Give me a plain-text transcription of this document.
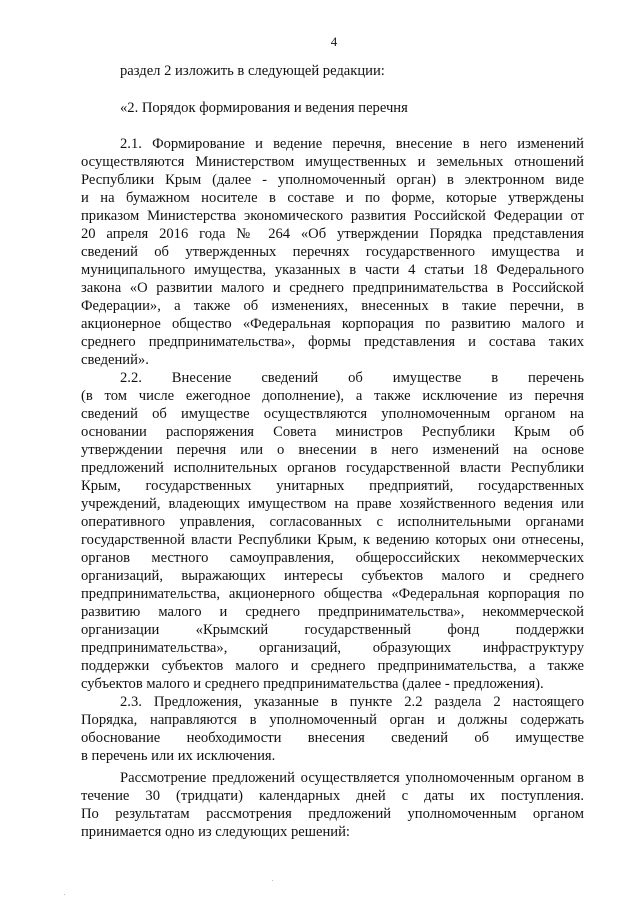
4
раздел 2 изложить в следующей редакции:
«2. Порядок формирования и ведения перечня
2.1. Формирование и ведение перечня, внесение в него изменений
осуществляются Министерством имущественных и земельных отношений
Республики Крым (далее - уполномоченный орган) в электронном виде
и на бумажном носителе в составе и по форме, которые утверждены
приказом Министерства экономического развития Российской Федерации от
20 апреля 2016 года № 264 «Об утверждении Порядка представления
сведений об утвержденных перечнях государственного имущества и
муниципального имущества, указанных в части 4 статьи 18 Федерального
закона «О развитии малого и среднего предпринимательства в Российской
Федерации», а также об изменениях, внесенных в такие перечни, в
акционерное общество «Федеральная корпорация по развитию малого и
среднего предпринимательства», формы представления и состава таких
сведений».
2.2. Внесение сведений об имуществе в перечень
(в том числе ежегодное дополнение), а также исключение из перечня
сведений об имуществе осуществляются уполномоченным органом на
основании распоряжения Совета министров Республики Крым об
утверждении перечня или о внесении в него изменений на основе
предложений исполнительных органов государственной власти Республики
Крым, государственных унитарных предприятий, государственных
учреждений, владеющих имуществом на праве хозяйственного ведения или
оперативного управления, согласованных с исполнительными органами
государственной власти Республики Крым, к ведению которых они отнесены,
органов местного самоуправления, общероссийских некоммерческих
организаций, выражающих интересы субъектов малого и среднего
предпринимательства, акционерного общества «Федеральная корпорация по
развитию малого и среднего предпринимательства», некоммерческой
организации «Крымский государственный фонд поддержки
предпринимательства», организаций, образующих инфраструктуру
поддержки субъектов малого и среднего предпринимательства, а также
субъектов малого и среднего предпринимательства (далее - предложения).
2.3. Предложения, указанные в пункте 2.2 раздела 2 настоящего
Порядка, направляются в уполномоченный орган и должны содержать
обоснование необходимости внесения сведений об имуществе
в перечень или их исключения.
Рассмотрение предложений осуществляется уполномоченным органом в
течение 30 (тридцати) календарных дней с даты их поступления.
По результатам рассмотрения предложений уполномоченным органом
принимается одно из следующих решений:
